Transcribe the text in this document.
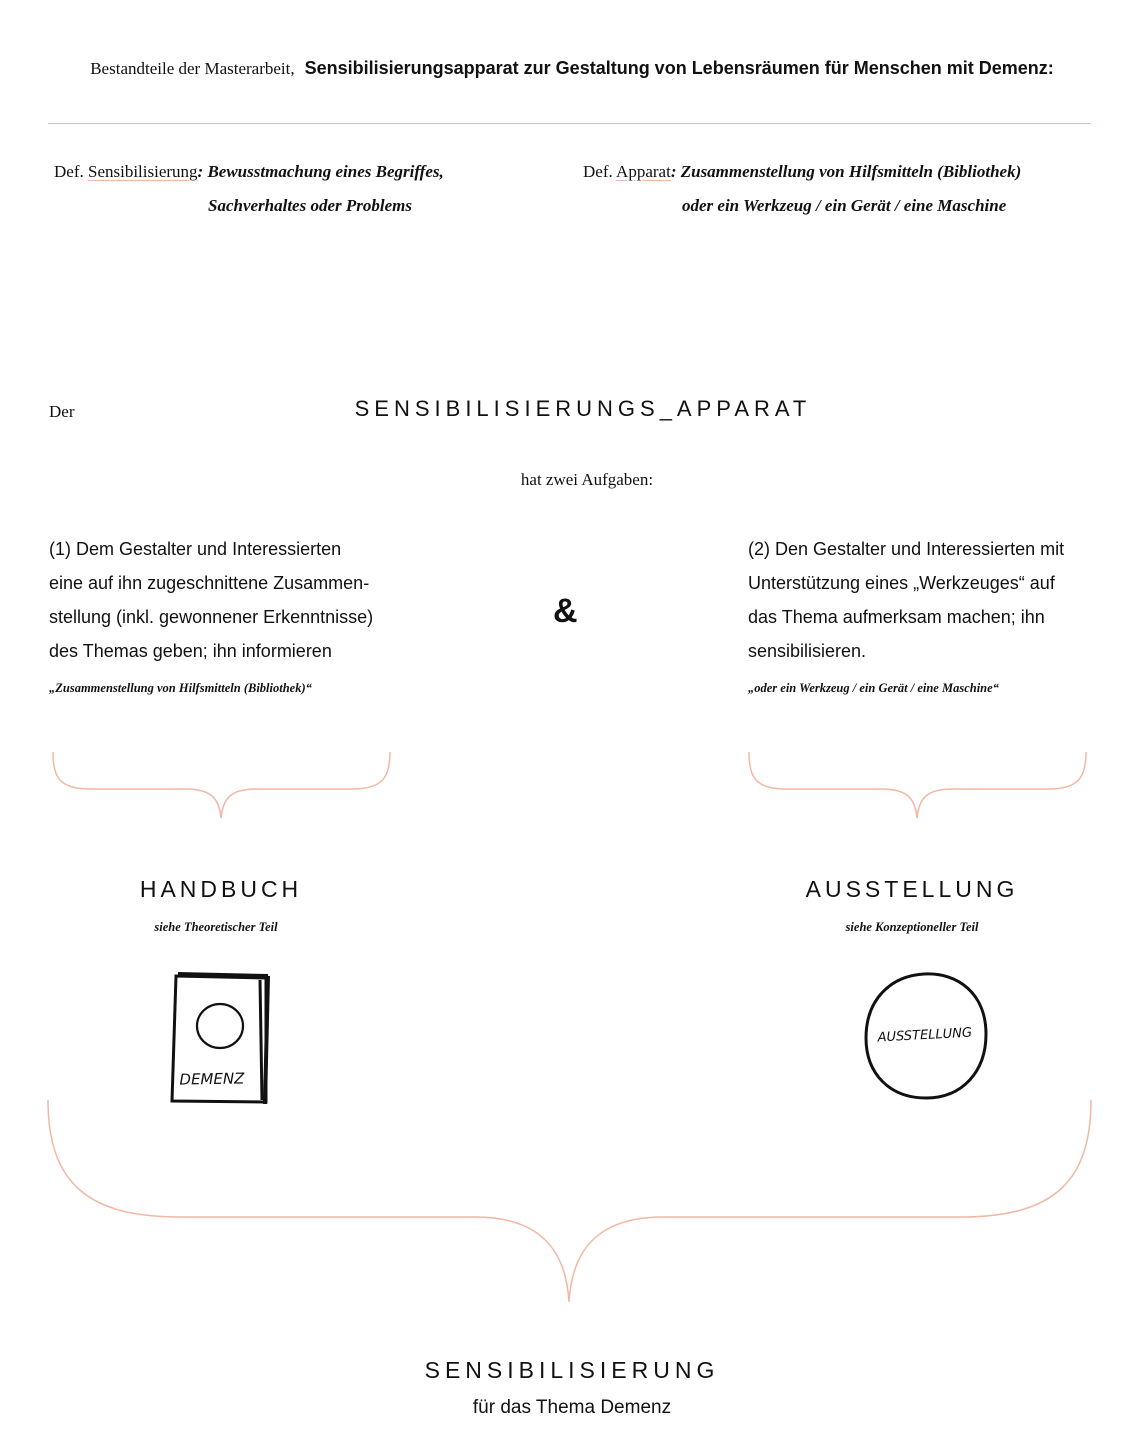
Bestandteile der Masterarbeit, Sensibilisierungsapparat zur Gestaltung von Lebensräumen für Menschen mit Demenz:
Def. Sensibilisierung: Bewusstmachung eines Begriffes,
Sachverhaltes oder Problems
Def. Apparat: Zusammenstellung von Hilfsmitteln (Bibliothek)
oder ein Werkzeug / ein Gerät / eine Maschine
Der	SENSIBILISIERUNGS_APPARAT
hat zwei Aufgaben:
(1) Dem Gestalter und Interessierten
eine auf ihn zugeschnittene Zusammen-
stellung (inkl. gewonnener Erkenntnisse)
des Themas geben; ihn informieren
„Zusammenstellung von Hilfsmitteln (Bibliothek)“
&
(2) Den Gestalter und Interessierten mit
Unterstützung eines „Werkzeuges“ auf
das Thema aufmerksam machen; ihn
sensibilisieren.
„oder ein Werkzeug / ein Gerät / eine Maschine“
HANDBUCH
siehe Theoretischer Teil
DEMENZ
AUSSTELLUNG
siehe Konzeptioneller Teil
AUSSTELLUNG
SENSIBILISIERUNG
für das Thema Demenz
